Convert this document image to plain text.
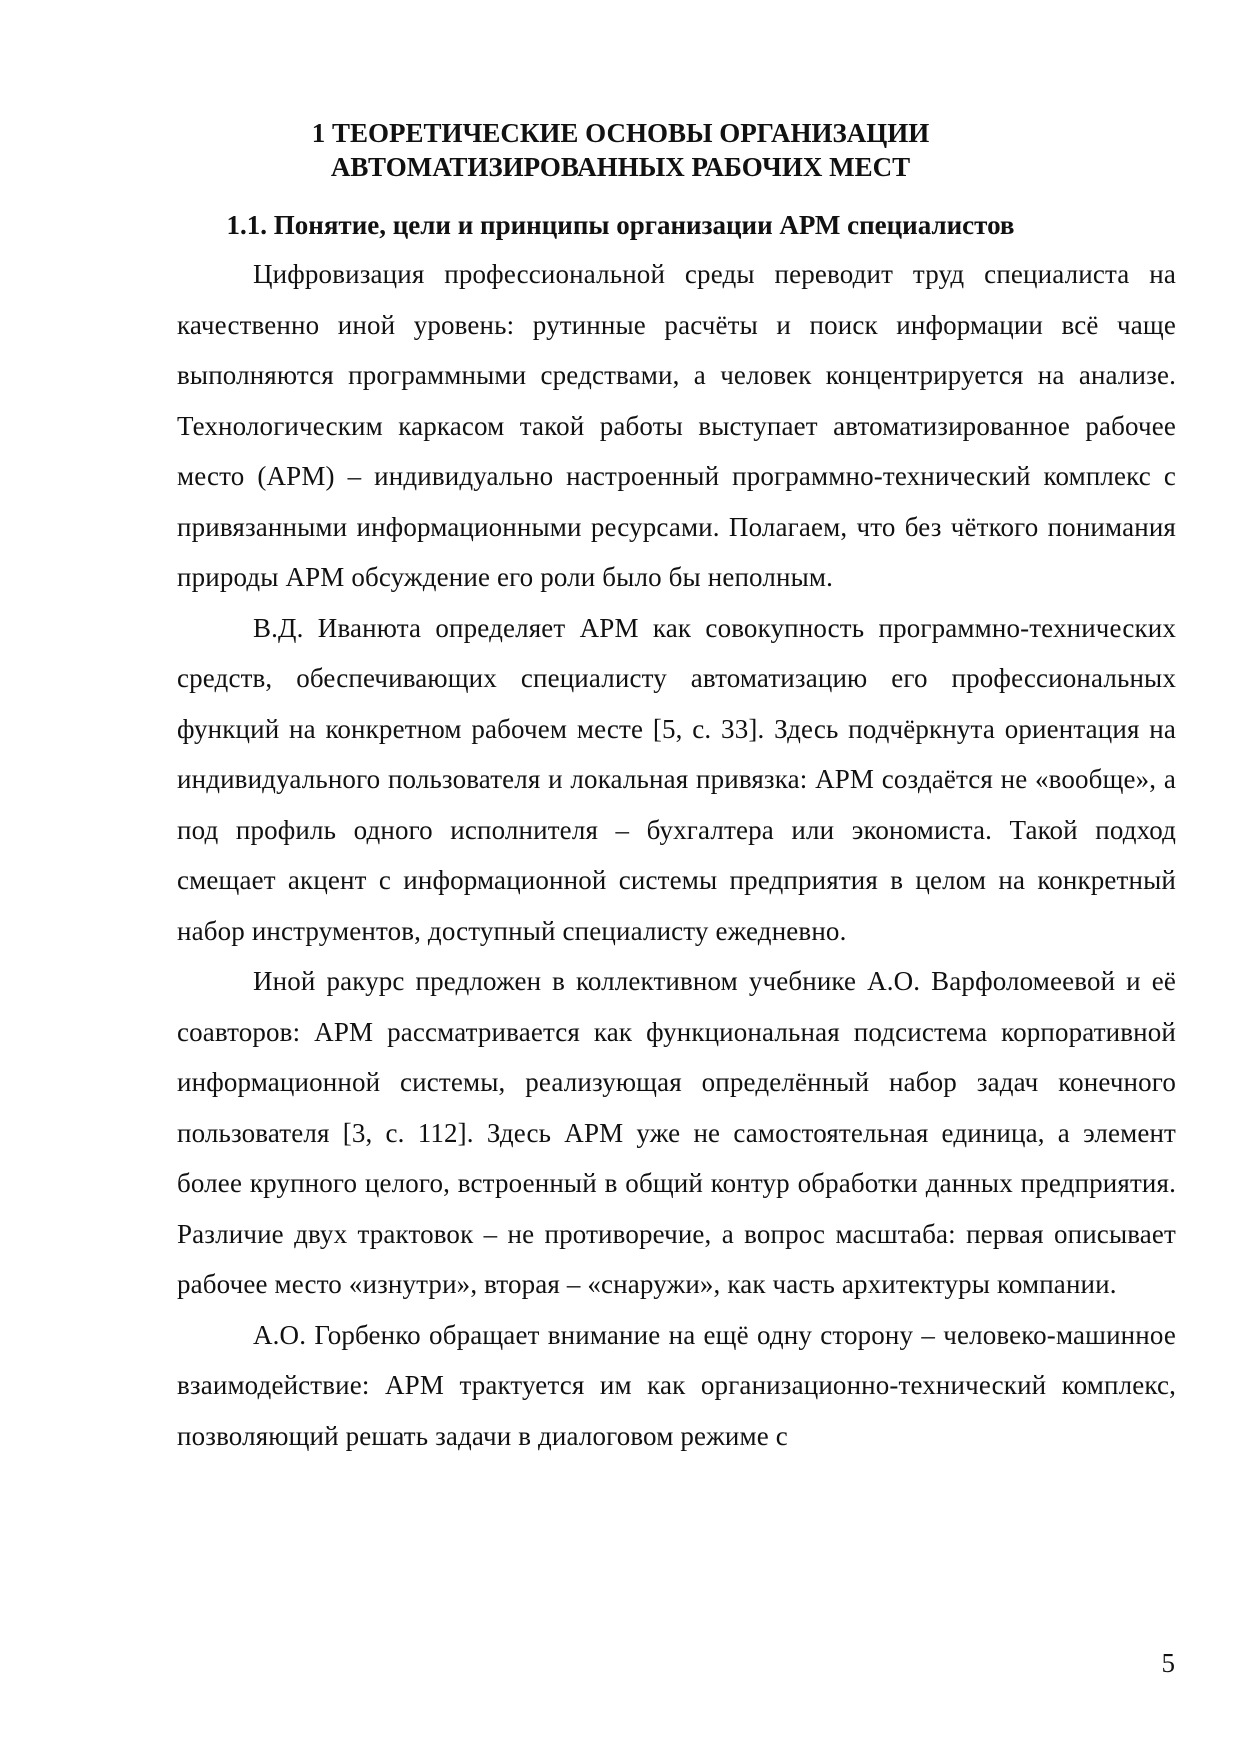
1 ТЕОРЕТИЧЕСКИЕ ОСНОВЫ ОРГАНИЗАЦИИ
АВТОМАТИЗИРОВАННЫХ РАБОЧИХ МЕСТ
1.1. Понятие, цели и принципы организации АРМ специалистов

Цифровизация профессиональной среды переводит труд специалиста на качественно иной уровень: рутинные расчёты и поиск информации всё чаще выполняются программными средствами, а человек концентрируется на анализе. Технологическим каркасом такой работы выступает автоматизированное рабочее место (АРМ) – индивидуально настроенный программно-технический комплекс с привязанными информационными ресурсами. Полагаем, что без чёткого понимания природы АРМ обсуждение его роли было бы неполным.

В.Д. Иванюта определяет АРМ как совокупность программно-технических средств, обеспечивающих специалисту автоматизацию его профессиональных функций на конкретном рабочем месте [5, с. 33]. Здесь подчёркнута ориентация на индивидуального пользователя и локальная привязка: АРМ создаётся не «вообще», а под профиль одного исполнителя – бухгалтера или экономиста. Такой подход смещает акцент с информационной системы предприятия в целом на конкретный набор инструментов, доступный специалисту ежедневно.

Иной ракурс предложен в коллективном учебнике А.О. Варфоломеевой и её соавторов: АРМ рассматривается как функциональная подсистема корпоративной информационной системы, реализующая определённый набор задач конечного пользователя [3, с. 112]. Здесь АРМ уже не самостоятельная единица, а элемент более крупного целого, встроенный в общий контур обработки данных предприятия. Различие двух трактовок – не противоречие, а вопрос масштаба: первая описывает рабочее место «изнутри», вторая – «снаружи», как часть архитектуры компании.

А.О. Горбенко обращает внимание на ещё одну сторону – человеко-машинное взаимодействие: АРМ трактуется им как организационно-технический комплекс, позволяющий решать задачи в диалоговом режиме с

5
